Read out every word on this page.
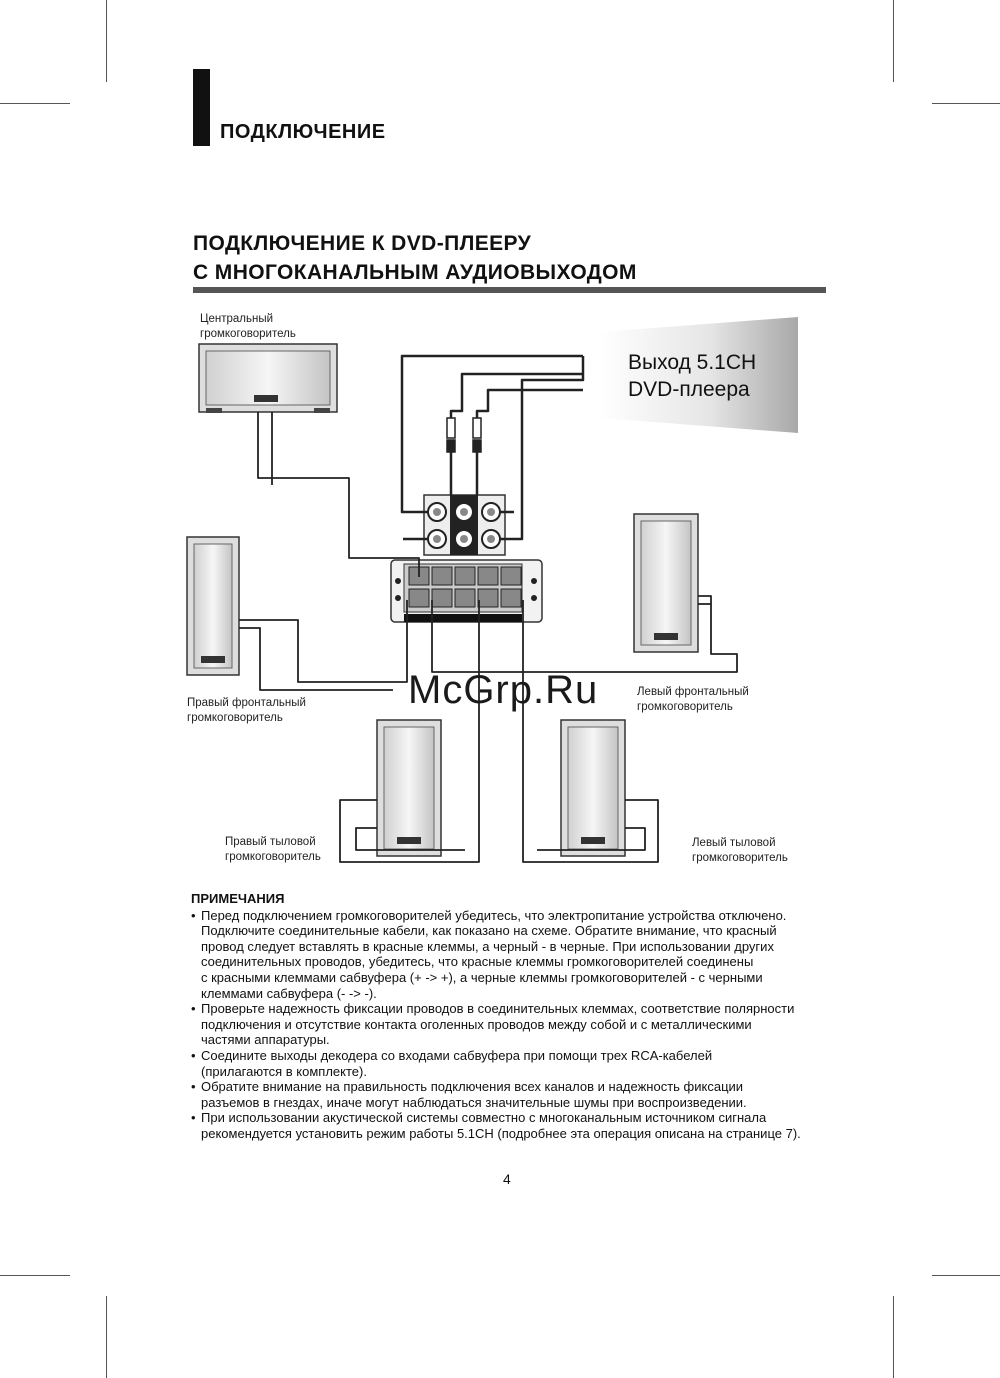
ПОДКЛЮЧЕНИЕ
ПОДКЛЮЧЕНИЕ К DVD-ПЛЕЕРУ
С МНОГОКАНАЛЬНЫМ АУДИОВЫХОДОМ
Выход 5.1CH
DVD-плеера
Центральный
громкоговоритель
Правый фронтальный
громкоговоритель
Левый фронтальный
громкоговоритель
Правый тыловой
громкоговоритель
Левый тыловой
громкоговоритель
McGrp.Ru
ПРИМЕЧАНИЯ
• Перед подключением громкоговорителей убедитесь, что электропитание устройства отключено.
Подключите соединительные кабели, как показано на схеме. Обратите внимание, что красный
провод следует вставлять в красные клеммы, а черный - в черные. При использовании других
соединительных проводов, убедитесь, что красные клеммы громкоговорителей соединены
с красными клеммами сабвуфера (+ -> +), а черные клеммы громкоговорителей - с черными
клеммами сабвуфера (- -> -).
• Проверьте надежность фиксации проводов в соединительных клеммах, соответствие полярности
подключения и отсутствие контакта оголенных проводов между собой и с металлическими
частями аппаратуры.
• Соедините выходы декодера со входами сабвуфера при помощи трех RCA-кабелей
(прилагаются в комплекте).
• Обратите внимание на правильность подключения всех каналов и надежность фиксации
разъемов в гнездах, иначе могут наблюдаться значительные шумы при воспроизведении.
• При использовании акустической системы совместно с многоканальным источником сигнала
рекомендуется установить режим работы 5.1CH (подробнее эта операция описана на странице 7).
4
